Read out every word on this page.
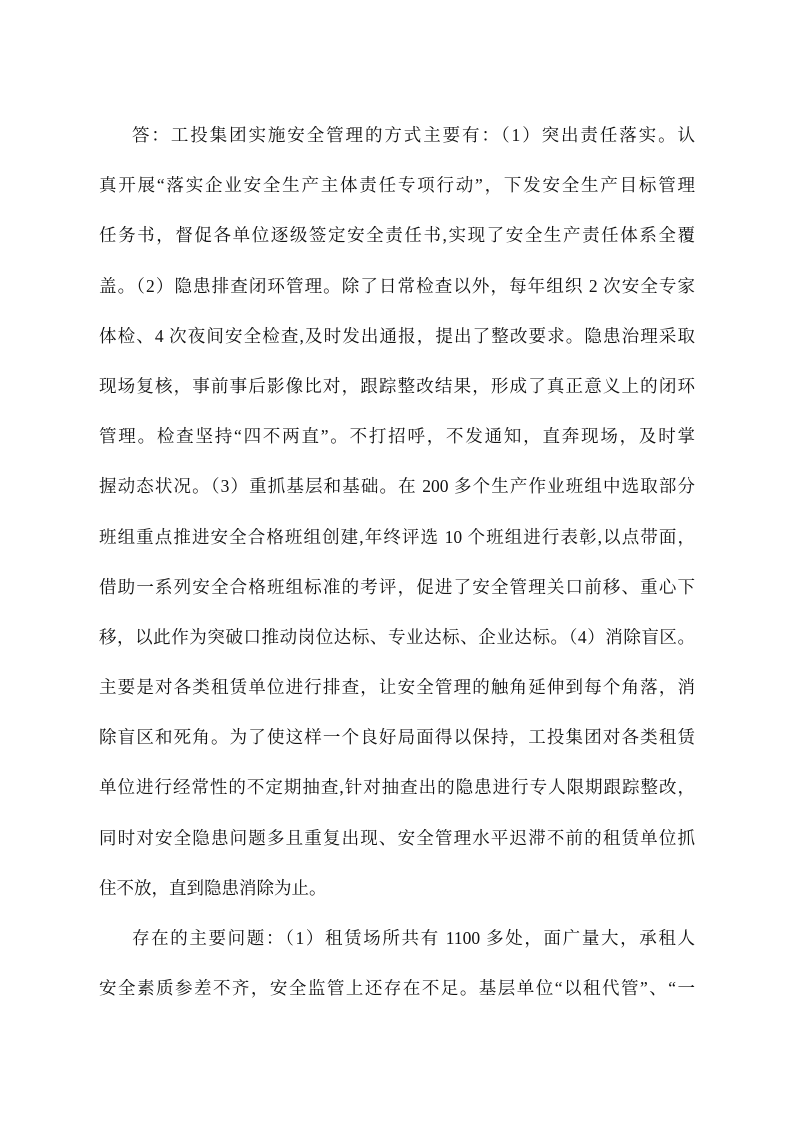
答：工投集团实施安全管理的方式主要有：（1）突出责任落实。认
真开展“落实企业安全生产主体责任专项行动”，下发安全生产目标管理
任务书，督促各单位逐级签定安全责任书,实现了安全生产责任体系全覆
盖。（2）隐患排查闭环管理。除了日常检查以外，每年组织 2 次安全专家
体检、4 次夜间安全检查,及时发出通报，提出了整改要求。隐患治理采取
现场复核，事前事后影像比对，跟踪整改结果，形成了真正意义上的闭环
管理。检查坚持“四不两直”。不打招呼，不发通知，直奔现场，及时掌
握动态状况。（3）重抓基层和基础。在 200 多个生产作业班组中选取部分
班组重点推进安全合格班组创建,年终评选 10 个班组进行表彰,以点带面，
借助一系列安全合格班组标准的考评，促进了安全管理关口前移、重心下
移，以此作为突破口推动岗位达标、专业达标、企业达标。（4）消除盲区。
主要是对各类租赁单位进行排查，让安全管理的触角延伸到每个角落，消
除盲区和死角。为了使这样一个良好局面得以保持，工投集团对各类租赁
单位进行经常性的不定期抽查,针对抽查出的隐患进行专人限期跟踪整改，
同时对安全隐患问题多且重复出现、安全管理水平迟滞不前的租赁单位抓
住不放，直到隐患消除为止。
存在的主要问题：（1）租赁场所共有 1100 多处，面广量大，承租人
安全素质参差不齐，安全监管上还存在不足。基层单位“以租代管”、“一
